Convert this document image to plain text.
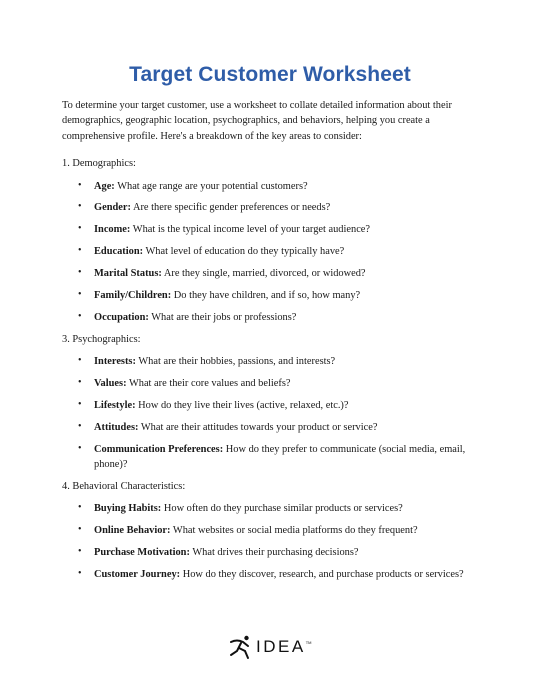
Target Customer Worksheet

To determine your target customer, use a worksheet to collate detailed information about their demographics, geographic location, psychographics, and behaviors, helping you create a comprehensive profile. Here's a breakdown of the key areas to consider:

1. Demographics:

• Age: What age range are your potential customers?
• Gender: Are there specific gender preferences or needs?
• Income: What is the typical income level of your target audience?
• Education: What level of education do they typically have?
• Marital Status: Are they single, married, divorced, or widowed?
• Family/Children: Do they have children, and if so, how many?
• Occupation: What are their jobs or professions?

3. Psychographics:

• Interests: What are their hobbies, passions, and interests?
• Values: What are their core values and beliefs?
• Lifestyle: How do they live their lives (active, relaxed, etc.)?
• Attitudes: What are their attitudes towards your product or service?
• Communication Preferences: How do they prefer to communicate (social media, email, phone)?

4. Behavioral Characteristics:

• Buying Habits: How often do they purchase similar products or services?
• Online Behavior: What websites or social media platforms do they frequent?
• Purchase Motivation: What drives their purchasing decisions?
• Customer Journey: How do they discover, research, and purchase products or services?
IDEA TM
